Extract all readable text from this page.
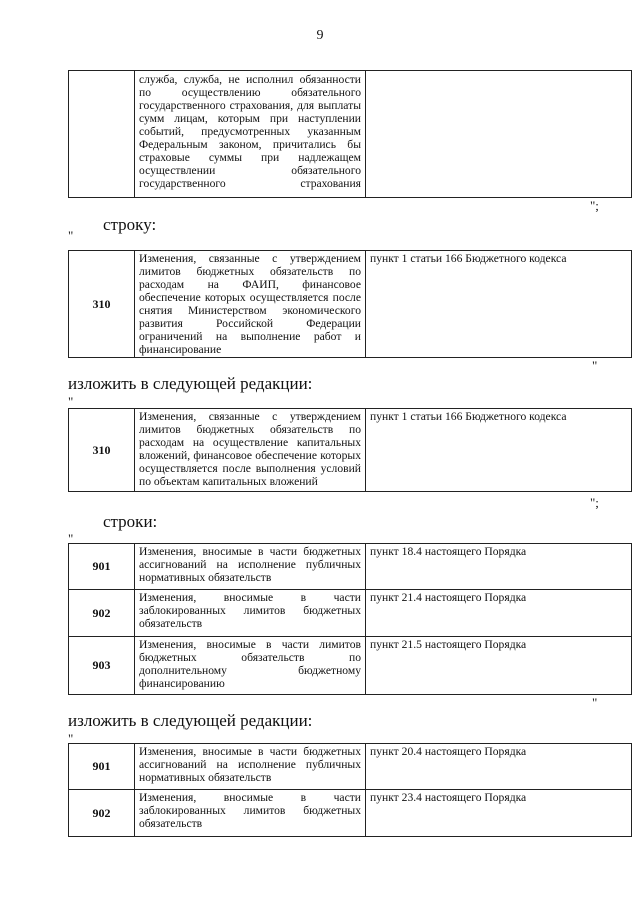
9
	служба, служба, не исполнил обязанности по осуществлению обязательного государственного страхования, для выплаты сумм лицам, которым при наступлении событий, предусмотренных указанным Федеральным законом, причитались бы страховые суммы при надлежащем осуществлении обязательного государственного страхования	
";
"
строку:
310	Изменения, связанные с утверждением лимитов бюджетных обязательств по расходам на ФАИП, финансовое обеспечение которых осуществляется после снятия Министерством экономического развития Российской Федерации ограничений на выполнение работ и финансирование	пункт 1 статьи 166 Бюджетного кодекса
"
изложить в следующей редакции:
"
310	Изменения, связанные с утверждением лимитов бюджетных обязательств по расходам на осуществление капитальных вложений, финансовое обеспечение которых осуществляется после выполнения условий по объектам капитальных вложений	пункт 1 статьи 166 Бюджетного кодекса
";
строки:
"
901	Изменения, вносимые в части бюджетных ассигнований на исполнение публичных нормативных обязательств	пункт 18.4 настоящего Порядка
902	Изменения, вносимые в части заблокированных лимитов бюджетных обязательств	пункт 21.4 настоящего Порядка
903	Изменения, вносимые в части лимитов бюджетных обязательств по дополнительному бюджетному финансированию	пункт 21.5 настоящего Порядка
"
изложить в следующей редакции:
"
901	Изменения, вносимые в части бюджетных ассигнований на исполнение публичных нормативных обязательств	пункт 20.4 настоящего Порядка
902	Изменения, вносимые в части заблокированных лимитов бюджетных обязательств	пункт 23.4 настоящего Порядка
